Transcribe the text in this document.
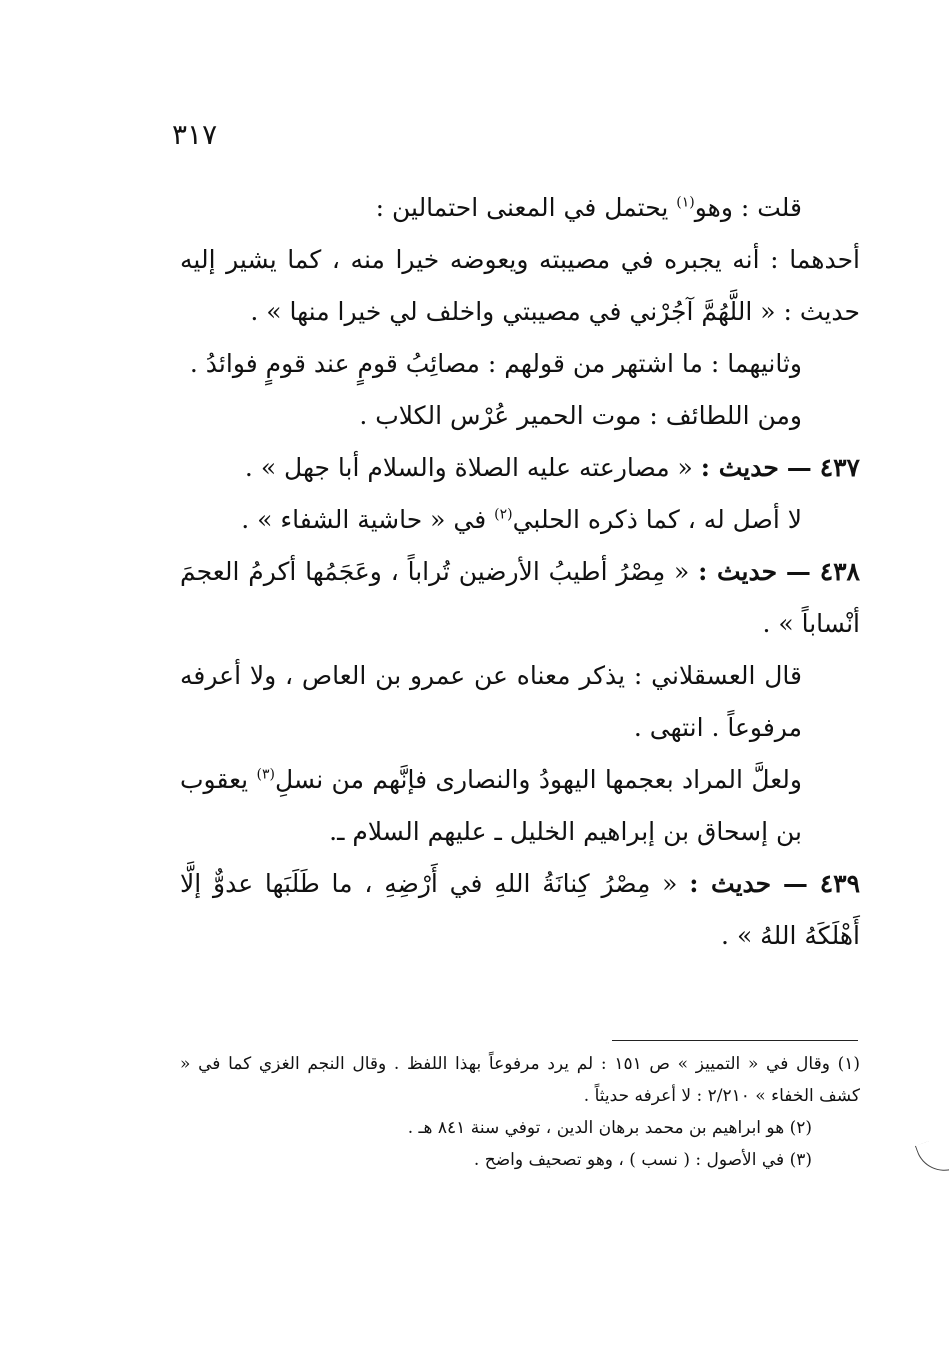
٣١٧

قلت : وهو$^{(١)}$ يحتمل في المعنى احتمالين :

أحدهما : أنه يجبره في مصيبته ويعوضه خيرا منه ، كما يشير إليه حديث : « اللَّهُمَّ آجُرْني في مصيبتي واخلف لي خيرا منها » .

وثانيهما : ما اشتهر من قولهم : مصائِبُ قومٍ عند قومٍ فوائدُ .

ومن اللطائف : موت الحمير عُرْس الكلاب .

٤٣٧ — حديث : « مصارعته عليه الصلاة والسلام أبا جهل » .

لا أصل له ، كما ذكره الحلبي$^{(٢)}$ في « حاشية الشفاء » .

٤٣٨ — حديث : « مِصْرُ أطيبُ الأرضين تُراباً ، وعَجَمُها أكرمُ العجمَ أنْساباً » .

قال العسقلاني : يذكر معناه عن عمرو بن العاص ، ولا أعرفه مرفوعاً . انتهى .

ولعلَّ المراد بعجمها اليهودُ والنصارى فإنَّهم من نسلِ$^{(٣)}$ يعقوب بن إسحاق بن إبراهيم الخليل ـ عليهم السلام ـ.

٤٣٩ — حديث : « مِصْرُ كِنانَةُ اللهِ في أَرْضِهِ ، ما طَلَبَها عدوٌّ إلَّا أَهْلَكَهُ اللهُ » .

(١) وقال في « التمييز » ص ١٥١ : لم يرد مرفوعاً بهذا اللفظ . وقال النجم الغزي كما في « كشف الخفاء » ٢/٢١٠ : لا أعرفه حديثاً .

(٢) هو ابراهيم بن محمد برهان الدين ، توفي سنة ٨٤١ هـ .

(٣) في الأصول : ( نسب ) ، وهو تصحيف واضح .
